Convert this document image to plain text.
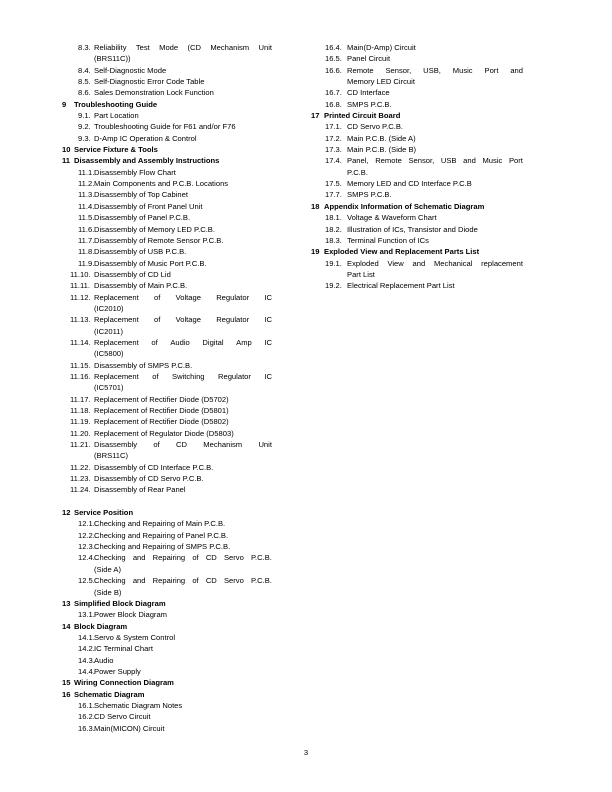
8.3. Reliability Test Mode (CD Mechanism Unit
(BRS11C))
8.4. Self-Diagnostic Mode
8.5. Self-Diagnostic Error Code Table
8.6. Sales Demonstration Lock Function
9	Troubleshooting Guide
9.1. Part Location
9.2. Troubleshooting Guide for F61 and/or F76
9.3. D-Amp IC Operation & Control
10 Service Fixture & Tools
11 Disassembly and Assembly Instructions
11.1. Disassembly Flow Chart
11.2. Main Components and P.C.B. Locations
11.3. Disassembly of Top Cabinet
11.4. Disassembly of Front Panel Unit
11.5. Disassembly of Panel P.C.B.
11.6. Disassembly of Memory LED P.C.B.
11.7. Disassembly of Remote Sensor P.C.B.
11.8. Disassembly of USB P.C.B.
11.9. Disassembly of Music Port P.C.B.
11.10. Disassembly of CD Lid
11.11. Disassembly of Main P.C.B.
11.12. Replacement of Voltage Regulator IC
(IC2010)
11.13. Replacement of Voltage Regulator IC
(IC2011)
11.14. Replacement of Audio Digital Amp IC
(IC5800)
11.15. Disassembly of SMPS P.C.B.
11.16. Replacement of Switching Regulator IC
(IC5701)
11.17. Replacement of Rectifier Diode (D5702)
11.18. Replacement of Rectifier Diode (D5801)
11.19. Replacement of Rectifier Diode (D5802)
11.20. Replacement of Regulator Diode (D5803)
11.21. Disassembly of CD Mechanism Unit
(BRS11C)
11.22. Disassembly of CD Interface P.C.B.
11.23. Disassembly of CD Servo P.C.B.
11.24. Disassembly of Rear Panel
12 Service Position
12.1. Checking and Repairing of Main P.C.B.
12.2. Checking and Repairing of Panel P.C.B.
12.3. Checking and Repairing of SMPS P.C.B.
12.4. Checking and Repairing of CD Servo P.C.B.
(Side A)
12.5. Checking and Repairing of CD Servo P.C.B.
(Side B)
13 Simplified Block Diagram
13.1. Power Block Diagram
14 Block Diagram
14.1. Servo & System Control
14.2. IC Terminal Chart
14.3. Audio
14.4. Power Supply
15 Wiring Connection Diagram
16 Schematic Diagram
16.1. Schematic Diagram Notes
16.2. CD Servo Circuit
16.3. Main(MICON) Circuit
16.4. Main(D-Amp) Circuit
16.5. Panel Circuit
16.6. Remote Sensor, USB, Music Port and
Memory LED Circuit
16.7. CD Interface
16.8. SMPS P.C.B.
17 Printed Circuit Board
17.1. CD Servo P.C.B.
17.2. Main P.C.B. (Side A)
17.3. Main P.C.B. (Side B)
17.4. Panel, Remote Sensor, USB and Music Port
P.C.B.
17.5. Memory LED and CD Interface P.C.B
17.7. SMPS P.C.B.
18 Appendix Information of Schematic Diagram
18.1. Voltage & Waveform Chart
18.2. Illustration of ICs, Transistor and Diode
18.3. Terminal Function of ICs
19 Exploded View and Replacement Parts List
19.1. Exploded View and Mechanical replacement
Part List
19.2. Electrical Replacement Part List
3
